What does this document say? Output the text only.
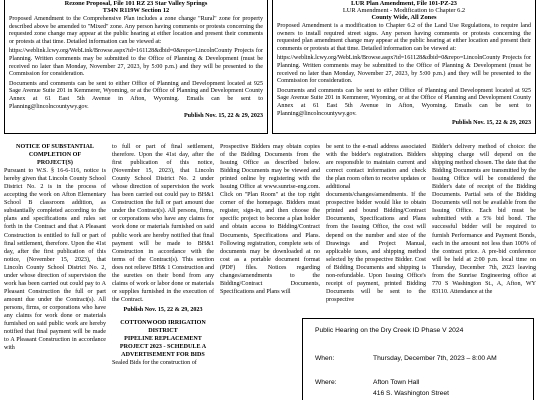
Rezone Proposal, File 101 RZ 23 Star Valley Springs
T34N R119W Section 12

Proposed Amendment to the Comprehensive Plan includes a zone change "Rural" zone for property described above be amended to "Mixed" zone. Any person having comments or protests concerning the requested zone change may appear at the public hearing at either location and present their comments or protests at that time. Detailed information can be viewed at:

https://weblink.lcwy.org/WebLink/Browse.aspx?id=161128&dbid=0&repo=LincolnCounty Projects for Planning. Written comments may be submitted to the Office of Planning & Development (must be received no later than Monday, November 27, 2023, by 5:00 p.m.) and they will be presented to the Commission for consideration.

Documents and comments can be sent to either Office of Planning and Development located at 925 Sage Avenue Suite 201 in Kemmerer, Wyoming, or at the Office of Planning and Development County Annex at 61 East 5th Avenue in Afton, Wyoming. Emails can be sent to Planning@lincolncountywy.gov.

Publish Nov. 15, 22 & 29, 2023
LUR Plan Amendment, File 101-PZ-23
LUR Amendment - Modification to Chapter 6.2
County Wide, All Zones

Proposed Amendment is a modification to Chapter 6.2 of the Land Use Regulations, to require land owners to install required street signs. Any person having comments or protests concerning the requested plan amendment change may appear at the public hearing at either location and present their comments or protests at that time. Detailed information can be viewed at:

https://weblink.lcwy.org/WebLink/Browse.aspx?id=161128&dbid=0&repo=LincolnCounty Projects for Planning. Written comments may be submitted to the Office of Planning & Development (must be received no later than Monday, November 27, 2023, by 5:00 p.m.) and they will be presented to the Commission for consideration.

Documents and comments can be sent to either Office of Planning and Development located at 925 Sage Avenue Suite 201 in Kemmerer, Wyoming, or at the Office of Planning and Development County Annex at 61 East 5th Avenue in Afton, Wyoming. Emails can be sent to Planning@lincolncountywy.gov.

Publish Nov. 15, 22 & 29, 2023
NOTICE OF SUBSTANTIAL
COMPLETION OF
PROJECT(S)

Pursuant to W.S. § 16-6-116, notice is hereby given that Lincoln County School District No. 2 is in the process of accepting the work on Afton Elementary School B classroom addition, as substantially completed according to the plans and specifications and rules set forth in the Contract and that A Pleasant Construction is entitled to full or part of final settlement, therefore. Upon the 41st day, after the first publication of this notice, (November 15, 2023), that Lincoln County School District No. 2, under whose direction of supervision the work has been carried out could pay to A Pleasant Construction the full or part amount due under the Contract(s). All persons, firms, or corporations who have any claims for work done or materials furnished on said public work are hereby notified that final payment will be made to A Pleasant Construction in accordance with

to full or part of final settlement, therefore. Upon the 41st day, after the first publication of this notice, (November 15, 2023), that Lincoln County School District No. 2 under whose direction of supervision the work has been carried out could pay to BH&1 Construction the full or part amount due under the Contract(s). All persons, firms, or corporations who have any claims for work done or materials furnished on said public work are hereby notified that final payment will be made to BH&1 Construction in accordance with the terms of the Contract(s). This section does not relieve BH& 1 Construction and the sureties on their bond from any claims of work or labor done or materials or supplies furnished in the execution of the Contract.

Publish Nov. 15, 22 & 29, 2023
COTTONWOOD IRRIGATION
DISTRICT
PIPELINE REPLACEMENT
PROJECT 2023 - SCHEDULE A
ADVERTISEMENT FOR BIDS

Sealed Bids for the construction of

Prospective Bidders may obtain copies of the Bidding Documents from the Issuing Office as described below. Bidding Documents may be viewed and printed online by registering with the Issuing Office at www.sunrise-eng.com. Click on "Plan Room" at the top right corner of the homepage. Bidders must register, sign-in, and then choose the specific project to become a plan holder and obtain access to Bidding/Contract Documents, Specifications and Plans. Following registration, complete sets of documents may be downloaded at no cost as a portable document format (PDF) files. Notices regarding changes/amendments to the Bidding/Contract Documents, Specifications and Plans will

be sent to the e-mail address associated with the bidder's registration. Bidders are responsible to maintain current and correct contact information and check the plan room often to receive updates or additional documents/changes/amendments. If the prospective bidder would like to obtain printed and bound Bidding/Contract Documents, Specifications and Plans from the Issuing Office, the cost will depend on the number and size of the Drawings and Project Manual, applicable taxes, and shipping method selected by the prospective Bidder. Cost of Bidding Documents and shipping is non-refundable. Upon Issuing Office's receipt of payment, printed Bidding Documents will be sent to the prospective

Bidder's delivery method of choice: the shipping charge will depend on the shipping method chosen. The date that the Bidding Documents are transmitted by the Issuing Office will be considered the Bidder's date of receipt of the Bidding Documents. Partial sets of the Bidding Documents will not be available from the Issuing Office. Each bid must be submitted with a 5% bid bond. The successful bidder will be required to furnish Performance and Payment Bonds, each in the amount not less than 100% of the contract price. A pre-bid conference will be held at 2:00 p.m. local time on Thursday, December 7th, 2023 leaving from the Sunrise Engineering office at 770 S Washington St., A, Afton, WY 83110. Attendance at the

Public Hearing on the Dry Creek ID Phase V 2024
When:	Thursday, December 7th, 2023 – 8:00 AM
Where:	Afton Town Hall
416 S. Washington Street
